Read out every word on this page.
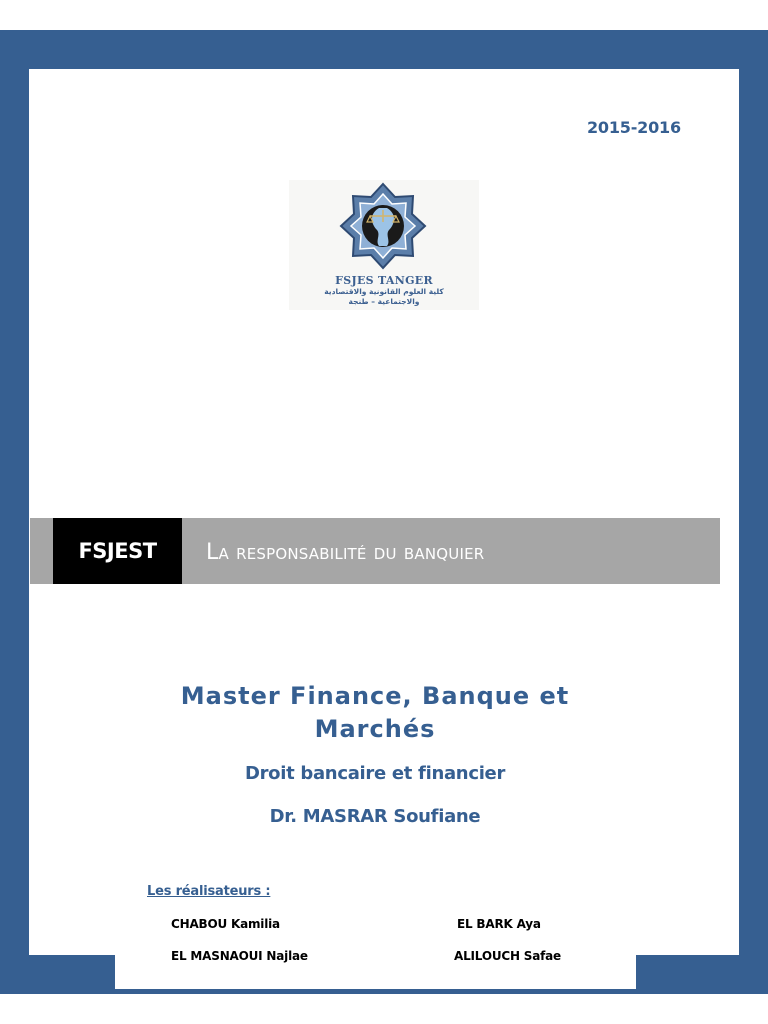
2015-2016
FSJES TANGER
كلية العلوم القانونية والاقتصادية
والاجتماعية – طنجة
FSJEST	La responsabilité du banquier
Master Finance, Banque et Marchés
Droit bancaire et financier
Dr. MASRAR Soufiane
Les réalisateurs :
CHABOU Kamilia	EL BARK Aya
EL MASNAOUI Najlae	ALILOUCH Safae
